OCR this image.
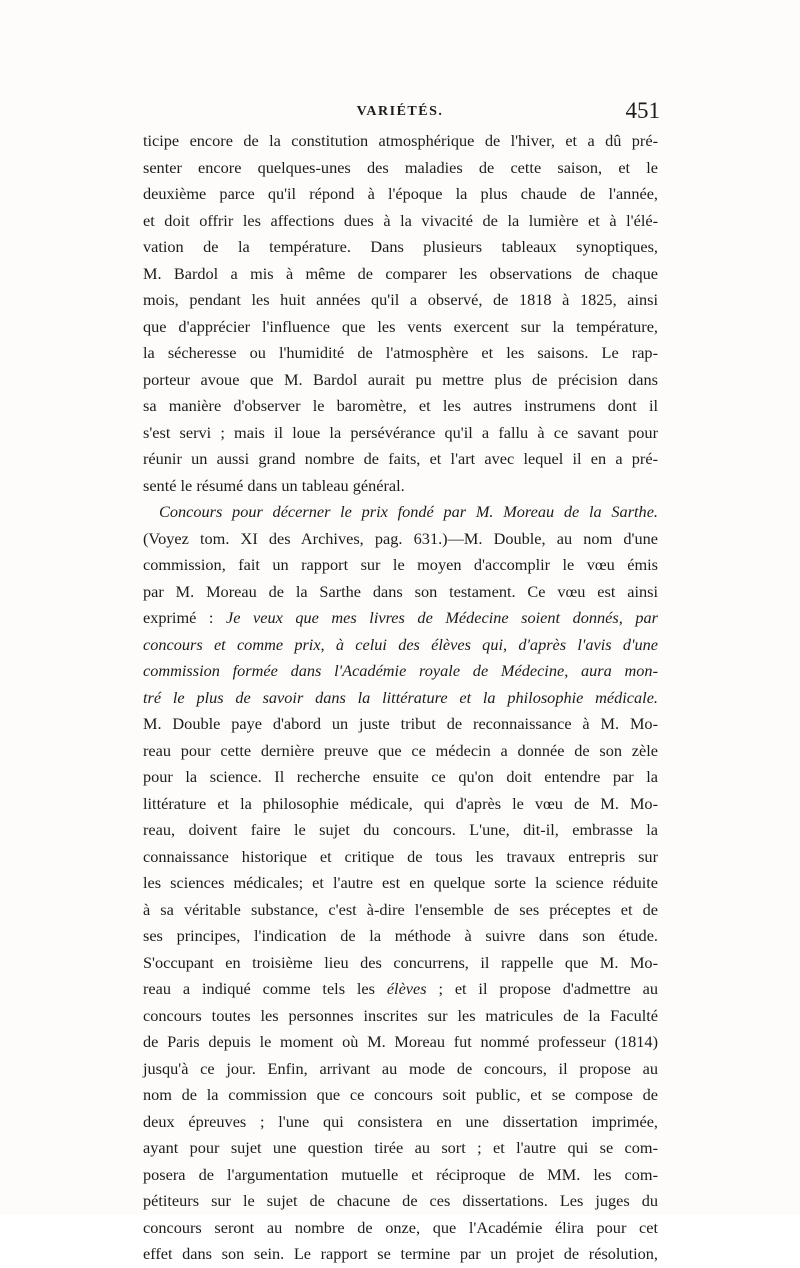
VARIÉTÉS.	451
ticipe encore de la constitution atmosphérique de l'hiver, et a dû pré-
senter encore quelques-unes des maladies de cette saison, et le
deuxième parce qu'il répond à l'époque la plus chaude de l'année,
et doit offrir les affections dues à la vivacité de la lumière et à l'élé-
vation de la température. Dans plusieurs tableaux synoptiques,
M. Bardol a mis à même de comparer les observations de chaque
mois, pendant les huit années qu'il a observé, de 1818 à 1825, ainsi
que d'apprécier l'influence que les vents exercent sur la température,
la sécheresse ou l'humidité de l'atmosphère et les saisons. Le rap-
porteur avoue que M. Bardol aurait pu mettre plus de précision dans
sa manière d'observer le baromètre, et les autres instrumens dont il
s'est servi ; mais il loue la persévérance qu'il a fallu à ce savant pour
réunir un aussi grand nombre de faits, et l'art avec lequel il en a pré-
senté le résumé dans un tableau général.
Concours pour décerner le prix fondé par M. Moreau de la Sarthe.
(Voyez tom. XI des Archives, pag. 631.)—M. Double, au nom d'une
commission, fait un rapport sur le moyen d'accomplir le vœu émis
par M. Moreau de la Sarthe dans son testament. Ce vœu est ainsi
exprimé : Je veux que mes livres de Médecine soient donnés, par
concours et comme prix, à celui des élèves qui, d'après l'avis d'une
commission formée dans l'Académie royale de Médecine, aura mon-
tré le plus de savoir dans la littérature et la philosophie médicale.
M. Double paye d'abord un juste tribut de reconnaissance à M. Mo-
reau pour cette dernière preuve que ce médecin a donnée de son zèle
pour la science. Il recherche ensuite ce qu'on doit entendre par la
littérature et la philosophie médicale, qui d'après le vœu de M. Mo-
reau, doivent faire le sujet du concours. L'une, dit-il, embrasse la
connaissance historique et critique de tous les travaux entrepris sur
les sciences médicales; et l'autre est en quelque sorte la science réduite
à sa véritable substance, c'est à-dire l'ensemble de ses préceptes et de
ses principes, l'indication de la méthode à suivre dans son étude.
S'occupant en troisième lieu des concurrens, il rappelle que M. Mo-
reau a indiqué comme tels les élèves ; et il propose d'admettre au
concours toutes les personnes inscrites sur les matricules de la Faculté
de Paris depuis le moment où M. Moreau fut nommé professeur (1814)
jusqu'à ce jour. Enfin, arrivant au mode de concours, il propose au
nom de la commission que ce concours soit public, et se compose de
deux épreuves ; l'une qui consistera en une dissertation imprimée,
ayant pour sujet une question tirée au sort ; et l'autre qui se com-
posera de l'argumentation mutuelle et réciproque de MM. les com-
pétiteurs sur le sujet de chacune de ces dissertations. Les juges du
concours seront au nombre de onze, que l'Académie élira pour cet
effet dans son sein. Le rapport se termine par un projet de résolution,
